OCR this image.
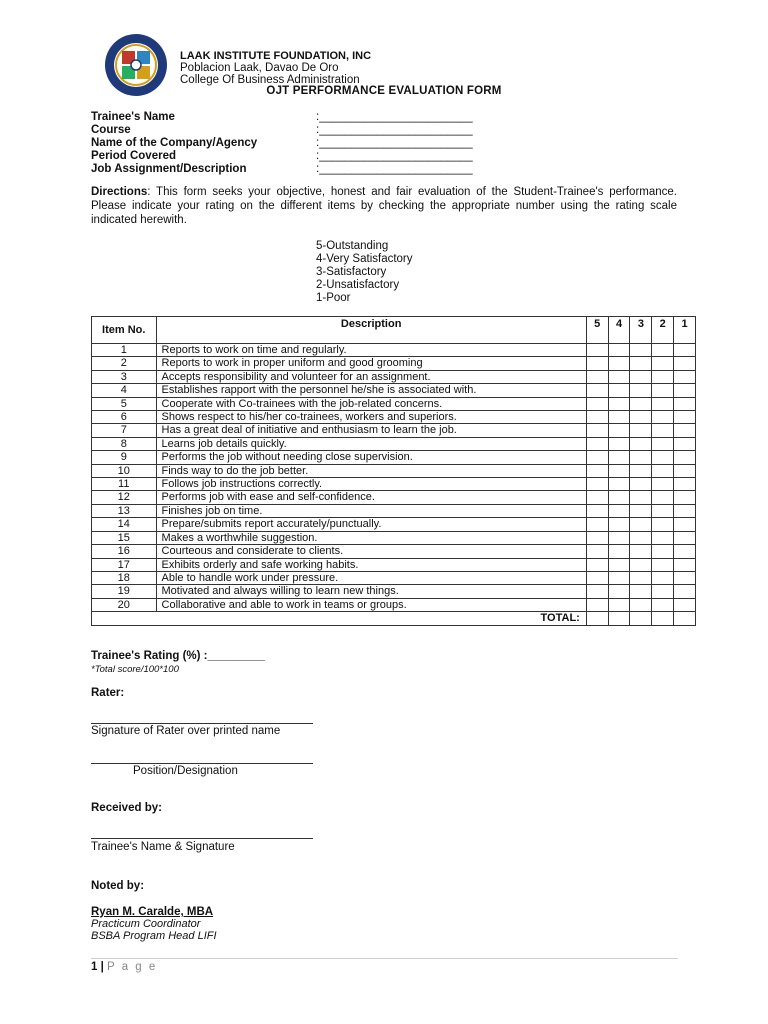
LAAK INSTITUTE FOUNDATION, INC
Poblacion Laak, Davao De Oro
College Of Business Administration
OJT PERFORMANCE EVALUATION FORM
Trainee's Name	:________________________
Course	:________________________
Name of the Company/Agency	:________________________
Period Covered	:________________________
Job Assignment/Description	:________________________
Directions: This form seeks your objective, honest and fair evaluation of the Student-Trainee's performance. Please indicate your rating on the different items by checking the appropriate number using the rating scale indicated herewith.
5-Outstanding
4-Very Satisfactory
3-Satisfactory
2-Unsatisfactory
1-Poor
Item No.	Description	5	4	3	2	1

1	Reports to work on time and regularly.					
2	Reports to work in proper uniform and good grooming					
3	Accepts responsibility and volunteer for an assignment.					
4	Establishes rapport with the personnel he/she is associated with.					
5	Cooperate with Co-trainees with the job-related concerns.					
6	Shows respect to his/her co-trainees, workers and superiors.					
7	Has a great deal of initiative and enthusiasm to learn the job.					
8	Learns job details quickly.					
9	Performs the job without needing close supervision.					
10	Finds way to do the job better.					
11	Follows job instructions correctly.					
12	Performs job with ease and self-confidence.					
13	Finishes job on time.					
14	Prepare/submits report accurately/punctually.					
15	Makes a worthwhile suggestion.					
16	Courteous and considerate to clients.					
17	Exhibits orderly and safe working habits.					
18	Able to handle work under pressure.					
19	Motivated and always willing to learn new things.					
20	Collaborative and able to work in teams or groups.					
TOTAL:						
Trainee's Rating (%) :_________
*Total score/100*100
Rater:
Signature of Rater over printed name
Position/Designation
Received by:
Trainee's Name & Signature
Noted by:
Ryan M. Caralde, MBA
Practicum Coordinator
BSBA Program Head LIFI
1 | P a g e
